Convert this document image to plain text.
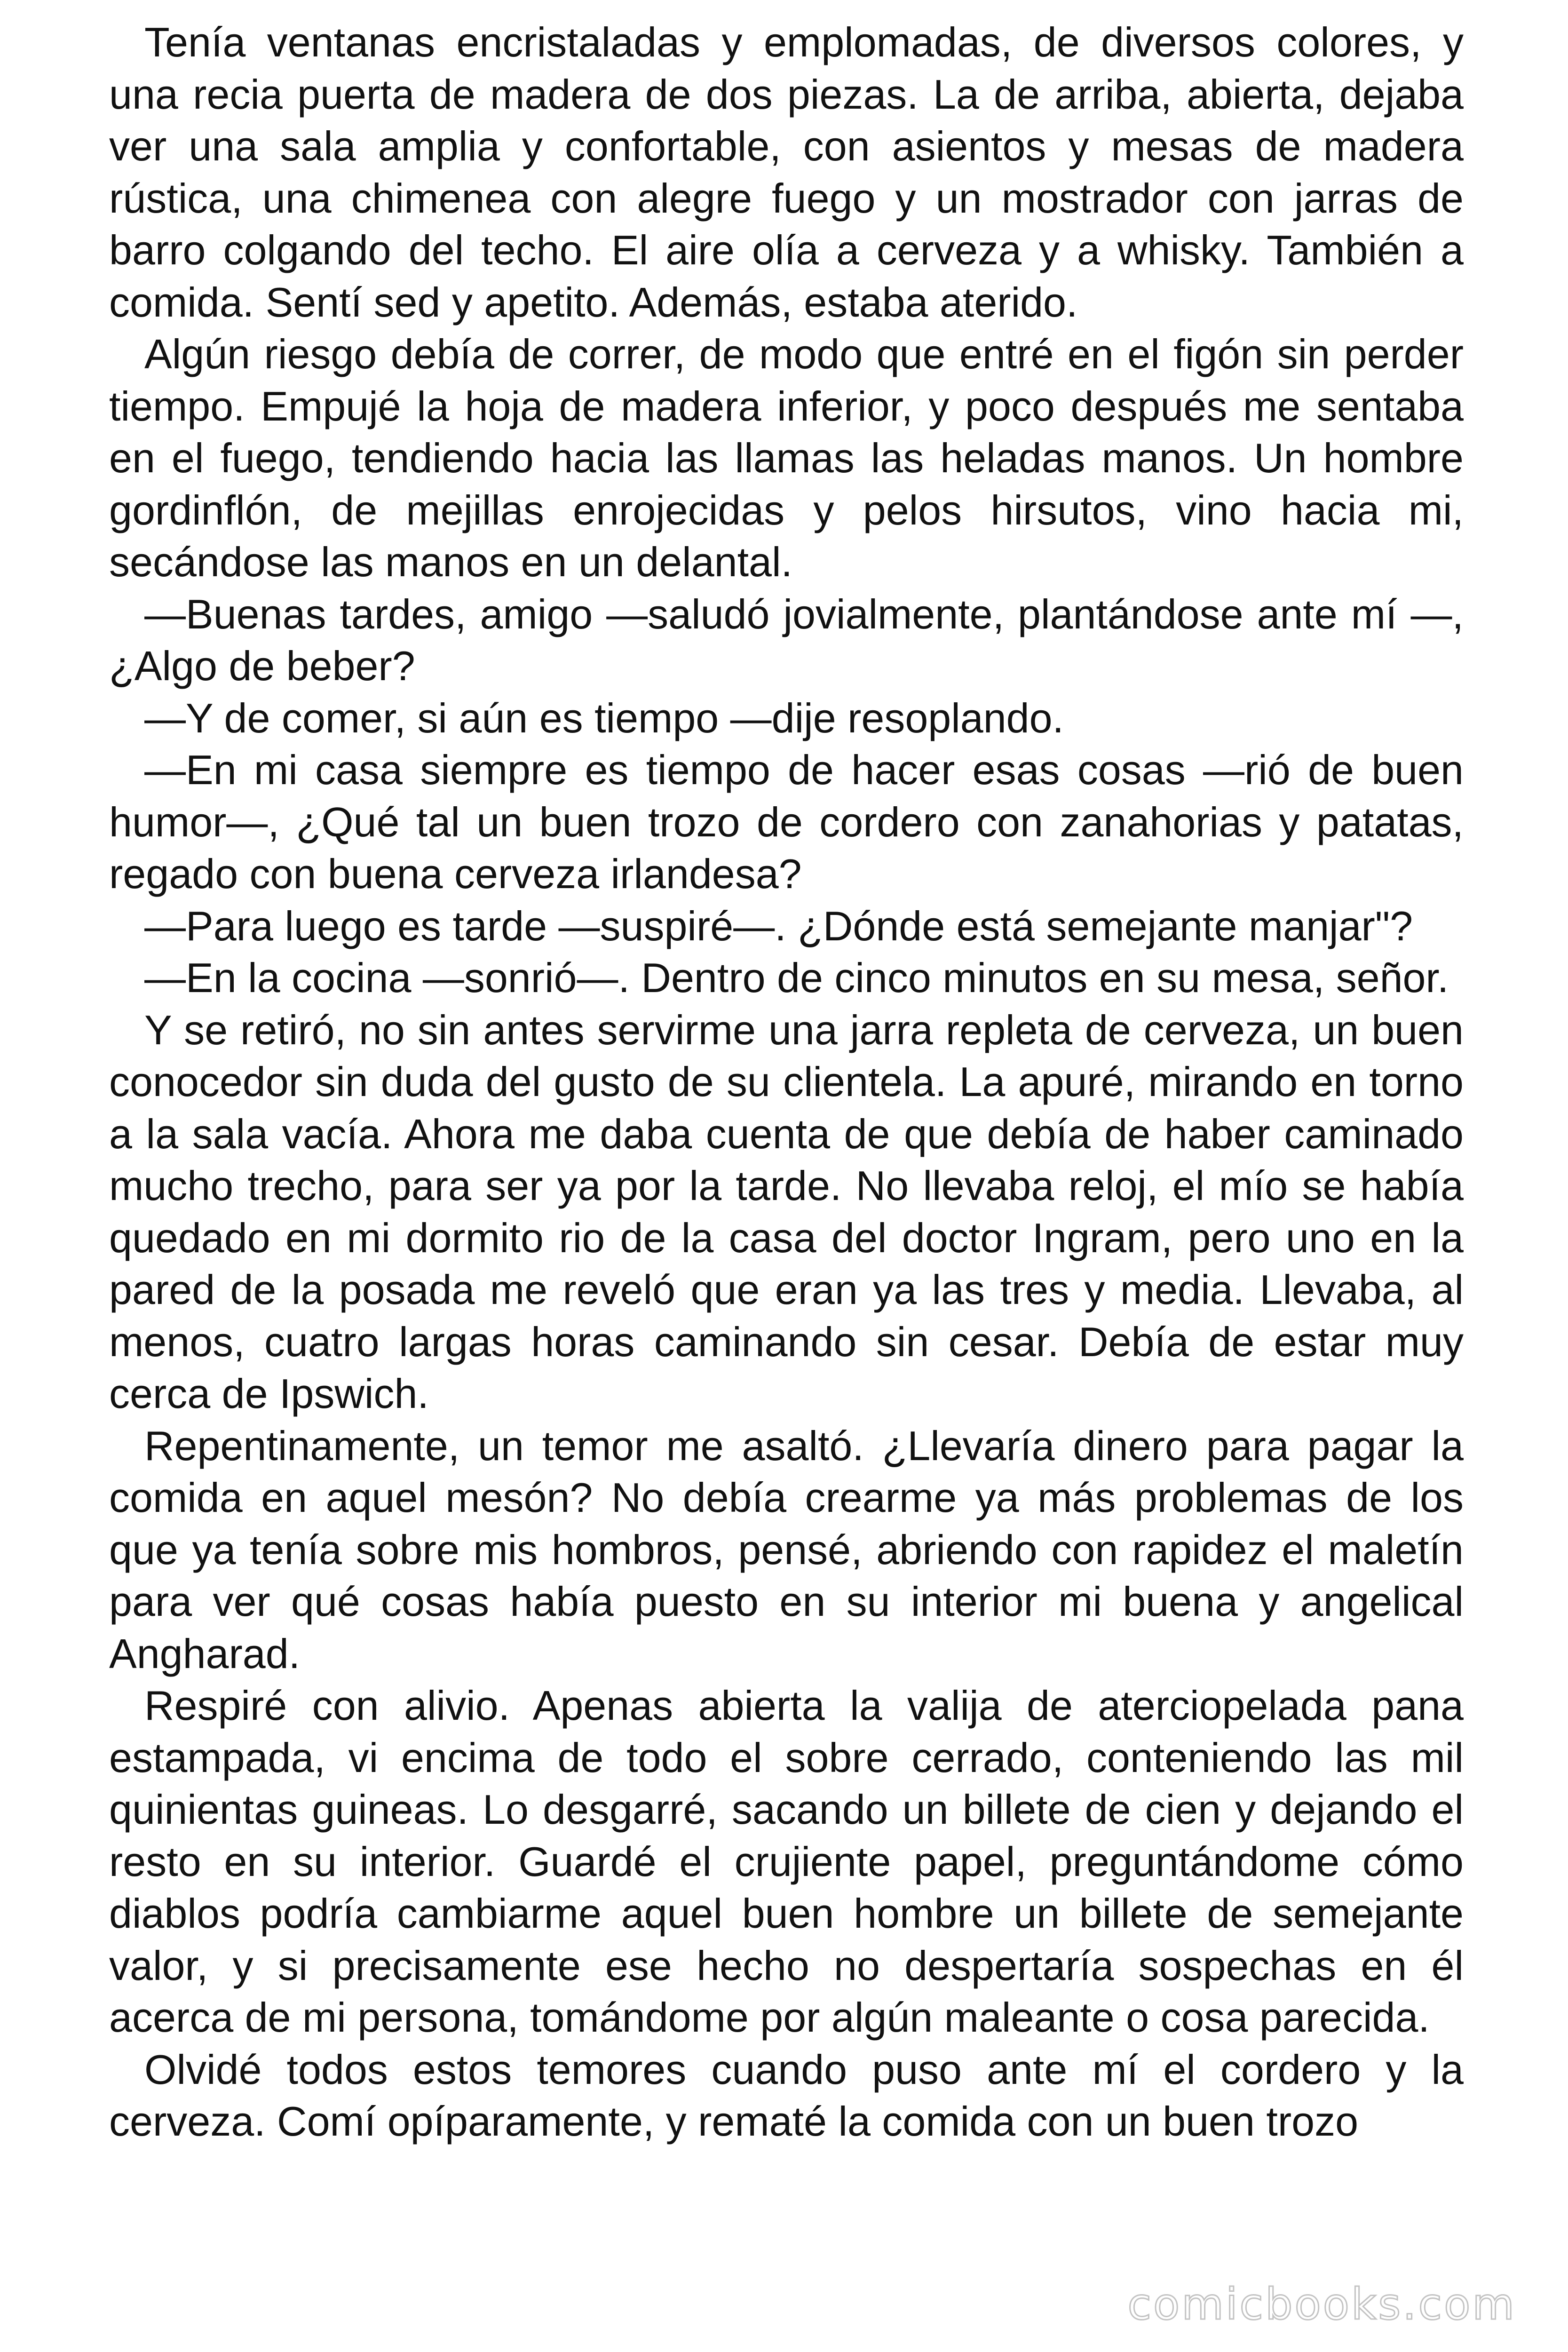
Tenía ventanas encristaladas y emplomadas, de diversos colores, y una recia puerta de madera de dos piezas. La de arriba, abierta, dejaba ver una sala amplia y confortable, con asientos y mesas de madera rústica, una chimenea con alegre fuego y un mostrador con jarras de barro colgando del techo. El aire olía a cerveza y a whisky. También a comida. Sentí sed y apetito. Además, estaba aterido.

Algún riesgo debía de correr, de modo que entré en el figón sin perder tiempo. Empujé la hoja de madera inferior, y poco después me sentaba en el fuego, tendiendo hacia las llamas las heladas manos. Un hombre gordinflón, de mejillas enrojecidas y pelos hirsutos, vino hacia mi, secándose las manos en un delantal.

—Buenas tardes, amigo —saludó jovialmente, plantándose ante mí —, ¿Algo de beber?

—Y de comer, si aún es tiempo —dije resoplando.

—En mi casa siempre es tiempo de hacer esas cosas —rió de buen humor—, ¿Qué tal un buen trozo de cordero con zanahorias y patatas, regado con buena cerveza irlandesa?

—Para luego es tarde —suspiré—. ¿Dónde está semejante manjar"?

—En la cocina —sonrió—. Dentro de cinco minutos en su mesa, señor.

Y se retiró, no sin antes servirme una jarra repleta de cerveza, un buen conocedor sin duda del gusto de su clientela. La apuré, mirando en torno a la sala vacía. Ahora me daba cuenta de que debía de haber caminado mucho trecho, para ser ya por la tarde. No llevaba reloj, el mío se había quedado en mi dormito rio de la casa del doctor Ingram, pero uno en la pared de la posada me reveló que eran ya las tres y media. Llevaba, al menos, cuatro largas horas caminando sin cesar. Debía de estar muy cerca de Ipswich.

Repentinamente, un temor me asaltó. ¿Llevaría dinero para pagar la comida en aquel mesón? No debía crearme ya más problemas de los que ya tenía sobre mis hombros, pensé, abriendo con rapidez el maletín para ver qué cosas había puesto en su interior mi buena y angelical Angharad.

Respiré con alivio. Apenas abierta la valija de aterciopelada pana estampada, vi encima de todo el sobre cerrado, conteniendo las mil quinientas guineas. Lo desgarré, sacando un billete de cien y dejando el resto en su interior. Guardé el crujiente papel, preguntándome cómo diablos podría cambiarme aquel buen hombre un billete de semejante valor, y si precisamente ese hecho no despertaría sospechas en él acerca de mi persona, tomándome por algún maleante o cosa parecida.

Olvidé todos estos temores cuando puso ante mí el cordero y la cerveza. Comí opíparamente, y rematé la comida con un buen trozo

comicbooks.com
